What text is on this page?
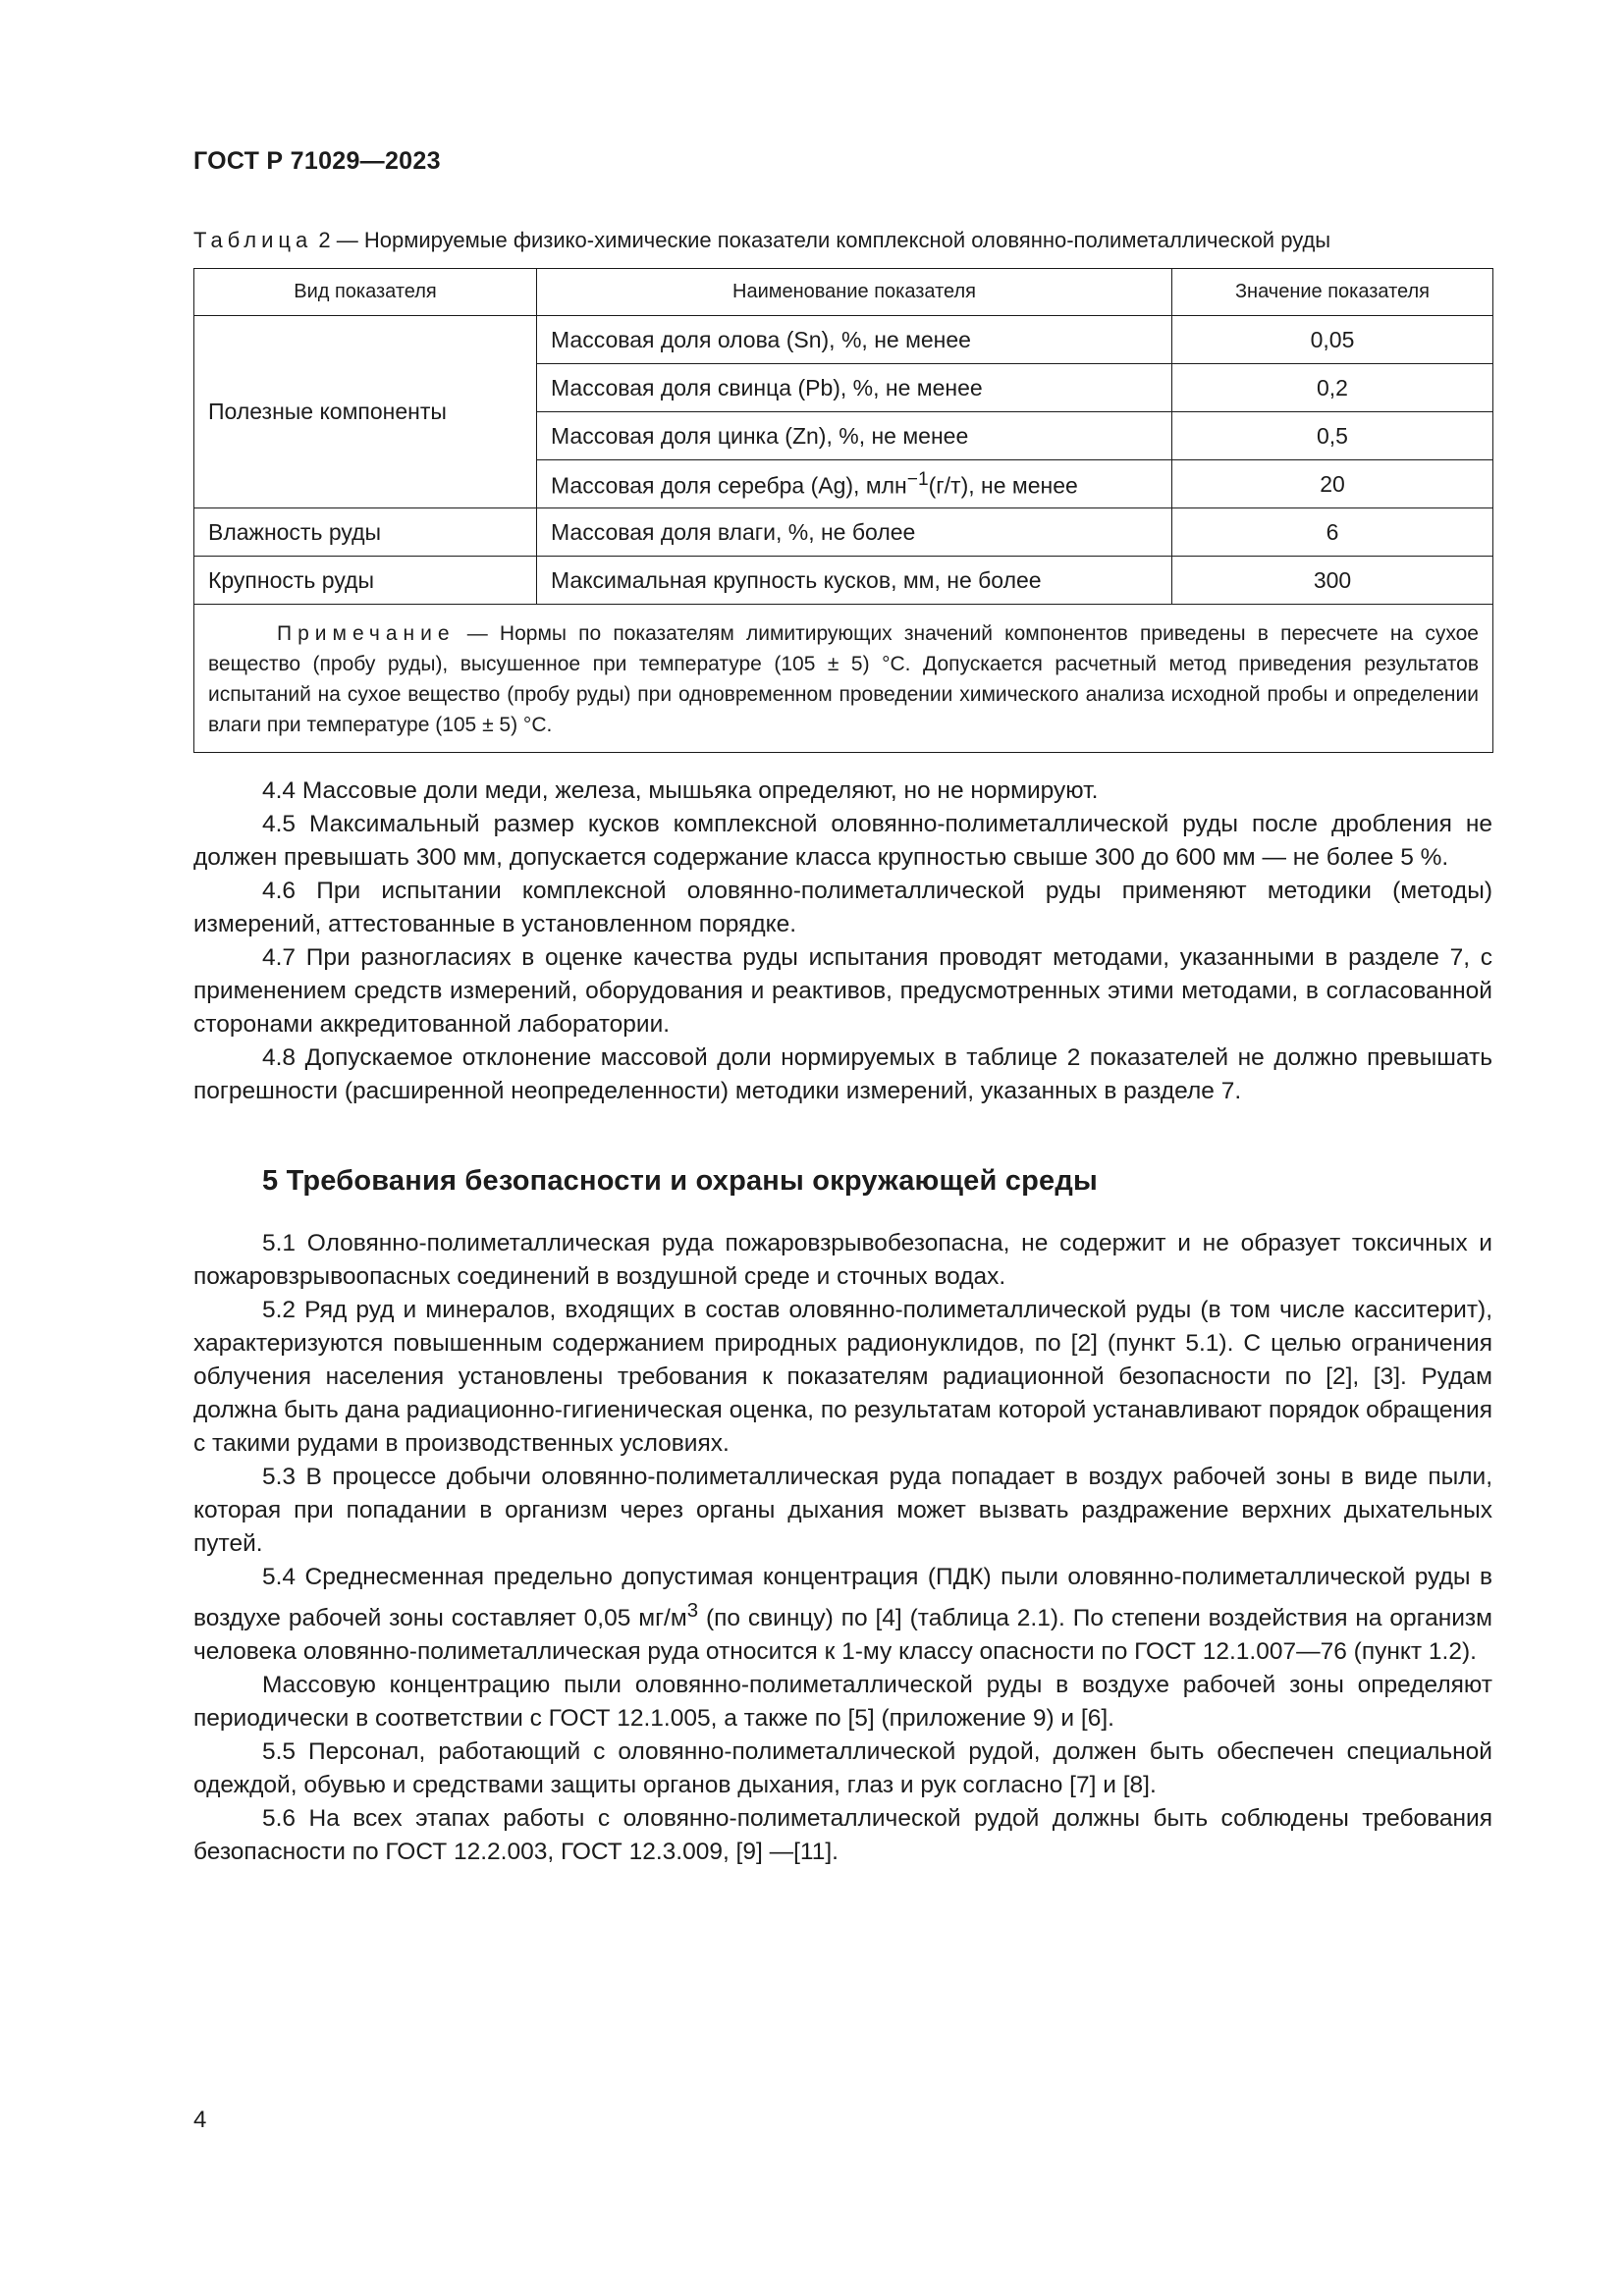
ГОСТ Р 71029—2023
Таблица 2 — Нормируемые физико-химические показатели комплексной оловянно-полиметаллической руды
Вид показателя	Наименование показателя	Значение показателя
Полезные компоненты	Массовая доля олова (Sn), %, не менее	0,05
	Массовая доля свинца (Pb), %, не менее	0,2
	Массовая доля цинка (Zn), %, не менее	0,5
	Массовая доля серебра (Ag), млн$^{-1}$(г/т), не менее	20
Влажность руды	Массовая доля влаги, %, не более	6
Крупность руды	Максимальная крупность кусков, мм, не более	300
Примечание — Нормы по показателям лимитирующих значений компонентов приведены в пересчете на сухое вещество (пробу руды), высушенное при температуре (105 ± 5) °С. Допускается расчетный метод приведения результатов испытаний на сухое вещество (пробу руды) при одновременном проведении химического анализа исходной пробы и определении влаги при температуре (105 ± 5) °С.		

4.4 Массовые доли меди, железа, мышьяка определяют, но не нормируют.

4.5 Максимальный размер кусков комплексной оловянно-полиметаллической руды после дробления не должен превышать 300 мм, допускается содержание класса крупностью свыше 300 до 600 мм — не более 5 %.

4.6 При испытании комплексной оловянно-полиметаллической руды применяют методики (методы) измерений, аттестованные в установленном порядке.

4.7 При разногласиях в оценке качества руды испытания проводят методами, указанными в разделе 7, с применением средств измерений, оборудования и реактивов, предусмотренных этими методами, в согласованной сторонами аккредитованной лаборатории.

4.8 Допускаемое отклонение массовой доли нормируемых в таблице 2 показателей не должно превышать погрешности (расширенной неопределенности) методики измерений, указанных в разделе 7.

5 Требования безопасности и охраны окружающей среды

5.1 Оловянно-полиметаллическая руда пожаровзрывобезопасна, не содержит и не образует токсичных и пожаровзрывоопасных соединений в воздушной среде и сточных водах.

5.2 Ряд руд и минералов, входящих в состав оловянно-полиметаллической руды (в том числе касситерит), характеризуются повышенным содержанием природных радионуклидов, по [2] (пункт 5.1). С целью ограничения облучения населения установлены требования к показателям радиационной безопасности по [2], [3]. Рудам должна быть дана радиационно-гигиеническая оценка, по результатам которой устанавливают порядок обращения с такими рудами в производственных условиях.

5.3 В процессе добычи оловянно-полиметаллическая руда попадает в воздух рабочей зоны в виде пыли, которая при попадании в организм через органы дыхания может вызвать раздражение верхних дыхательных путей.

5.4 Среднесменная предельно допустимая концентрация (ПДК) пыли оловянно-полиметаллической руды в воздухе рабочей зоны составляет 0,05 $мг/м^3$ (по свинцу) по [4] (таблица 2.1). По степени воздействия на организм человека оловянно-полиметаллическая руда относится к 1-му классу опасности по ГОСТ 12.1.007—76 (пункт 1.2).

Массовую концентрацию пыли оловянно-полиметаллической руды в воздухе рабочей зоны определяют периодически в соответствии с ГОСТ 12.1.005, а также по [5] (приложение 9) и [6].

5.5 Персонал, работающий с оловянно-полиметаллической рудой, должен быть обеспечен специальной одеждой, обувью и средствами защиты органов дыхания, глаз и рук согласно [7] и [8].

5.6 На всех этапах работы с оловянно-полиметаллической рудой должны быть соблюдены требования безопасности по ГОСТ 12.2.003, ГОСТ 12.3.009, [9] —[11].

4
